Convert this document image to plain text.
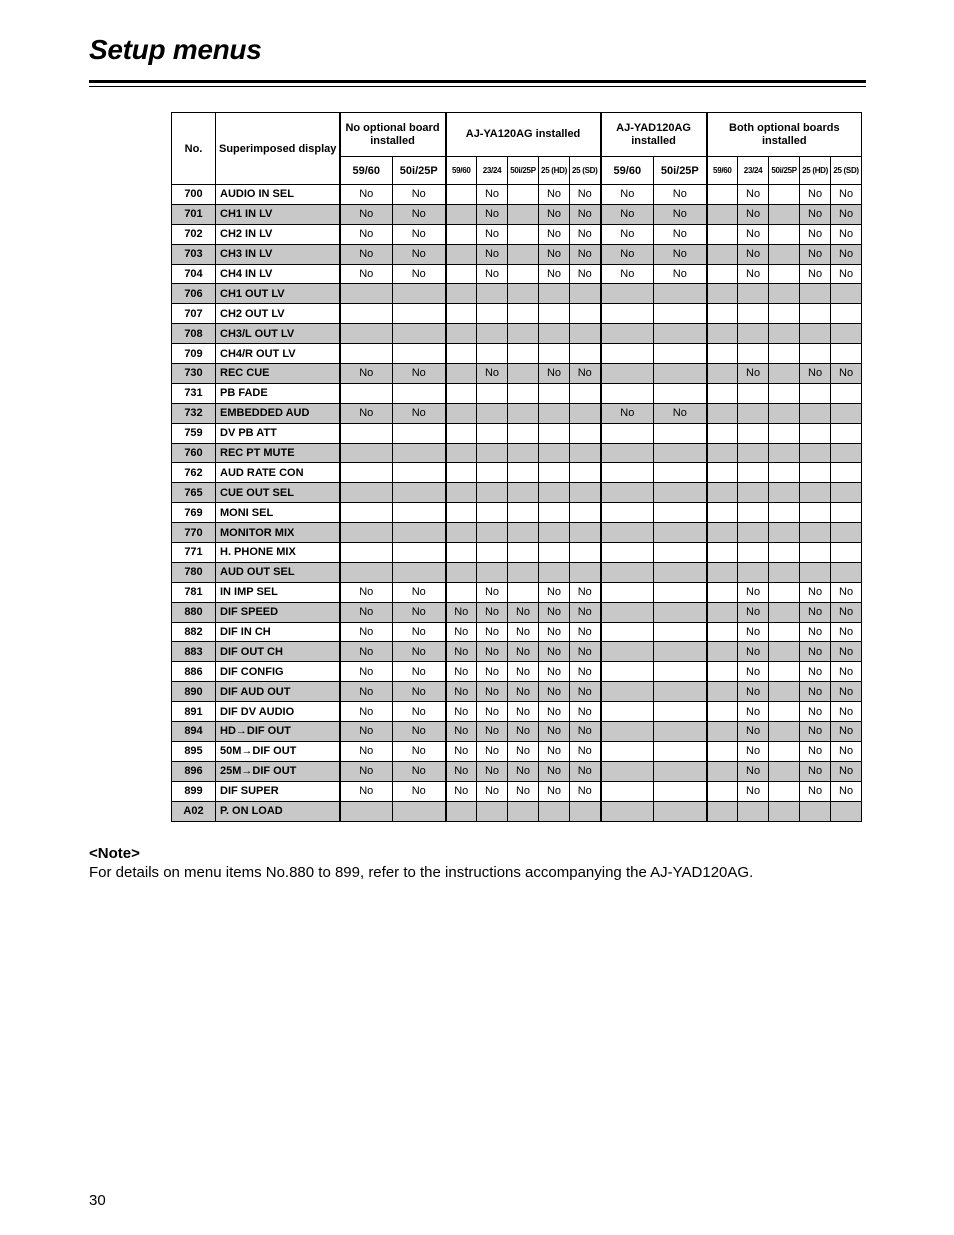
Setup menus
No.	Superimposed display	No optional board installed		AJ-YA120AG installed					AJ-YAD120AG installed		Both optional boards installed				
		59/60	50i/25P	59/60	23/24	50i/25P	25 (HD)	25 (SD)	59/60	50i/25P	59/60	23/24	50i/25P	25 (HD)	25 (SD)
700	AUDIO IN SEL	No	No		No		No	No	No	No		No		No	No
701	CH1 IN LV	No	No		No		No	No	No	No		No		No	No
702	CH2 IN LV	No	No		No		No	No	No	No		No		No	No
703	CH3 IN LV	No	No		No		No	No	No	No		No		No	No
704	CH4 IN LV	No	No		No		No	No	No	No		No		No	No
706	CH1 OUT LV														
707	CH2 OUT LV														
708	CH3/L OUT LV														
709	CH4/R OUT LV														
730	REC CUE	No	No		No		No	No				No		No	No
731	PB FADE														
732	EMBEDDED AUD	No	No						No	No					
759	DV PB ATT														
760	REC PT MUTE														
762	AUD RATE CON														
765	CUE OUT SEL														
769	MONI SEL														
770	MONITOR MIX														
771	H. PHONE MIX														
780	AUD OUT SEL														
781	IN IMP SEL	No	No		No		No	No				No		No	No
880	DIF SPEED	No	No	No	No	No	No	No				No		No	No
882	DIF IN CH	No	No	No	No	No	No	No				No		No	No
883	DIF OUT CH	No	No	No	No	No	No	No				No		No	No
886	DIF CONFIG	No	No	No	No	No	No	No				No		No	No
890	DIF AUD OUT	No	No	No	No	No	No	No				No		No	No
891	DIF DV AUDIO	No	No	No	No	No	No	No				No		No	No
894	HD→DIF OUT	No	No	No	No	No	No	No				No		No	No
895	50M→DIF OUT	No	No	No	No	No	No	No				No		No	No
896	25M→DIF OUT	No	No	No	No	No	No	No				No		No	No
899	DIF SUPER	No	No	No	No	No	No	No				No		No	No
A02	P. ON LOAD														
<Note>
For details on menu items No.880 to 899, refer to the instructions accompanying the AJ-YAD120AG.
30
